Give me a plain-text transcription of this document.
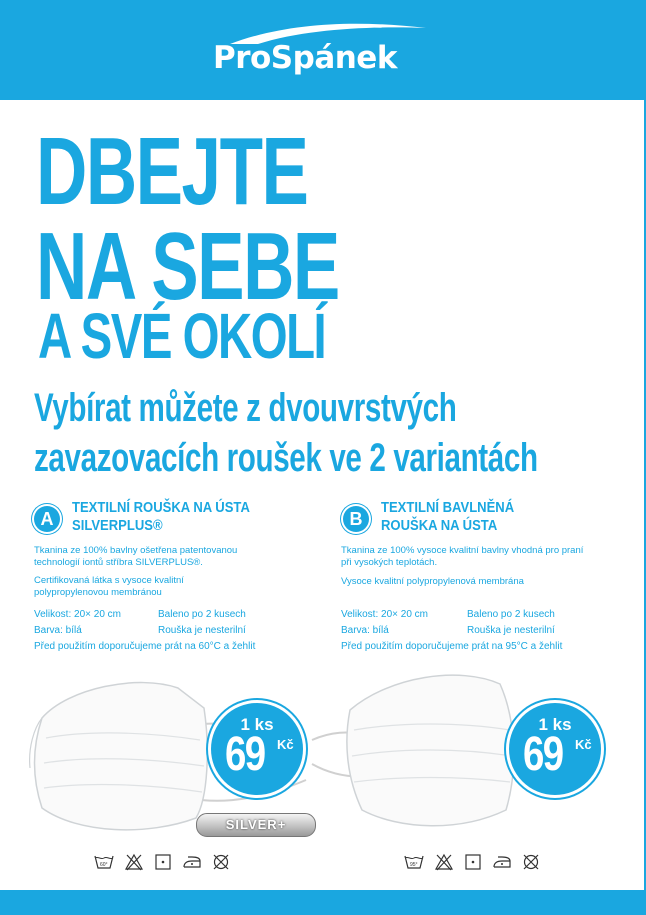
ProSpánek
DBEJTE
NA SEBE
A SVÉ OKOLÍ
Vybírat můžete z dvouvrstvých
zavazovacích roušek ve 2 variantách
A
TEXTILNÍ ROUŠKA NA ÚSTA
SILVERPLUS®
Tkanina ze 100% bavlny ošetřena patentovanou
technologií iontů stříbra SILVERPLUS®.
Certifikovaná látka s vysoce kvalitní
polypropylenovou membránou
Velikost: 20× 20 cm	Baleno po 2 kusech
Barva: bílá	Rouška je nesterilní
Před použitím doporučujeme prát na 60°C a žehlit
1 ks
69 Kč
SILVER+
60°
B
TEXTILNÍ BAVLNĚNÁ
ROUŠKA NA ÚSTA
Tkanina ze 100% vysoce kvalitní bavlny vhodná pro praní
při vysokých teplotách.
Vysoce kvalitní polypropylenová membrána
Velikost: 20× 20 cm	Baleno po 2 kusech
Barva: bílá	Rouška je nesterilní
Před použitím doporučujeme prát na 95°C a žehlit
1 ks
69 Kč
95°
